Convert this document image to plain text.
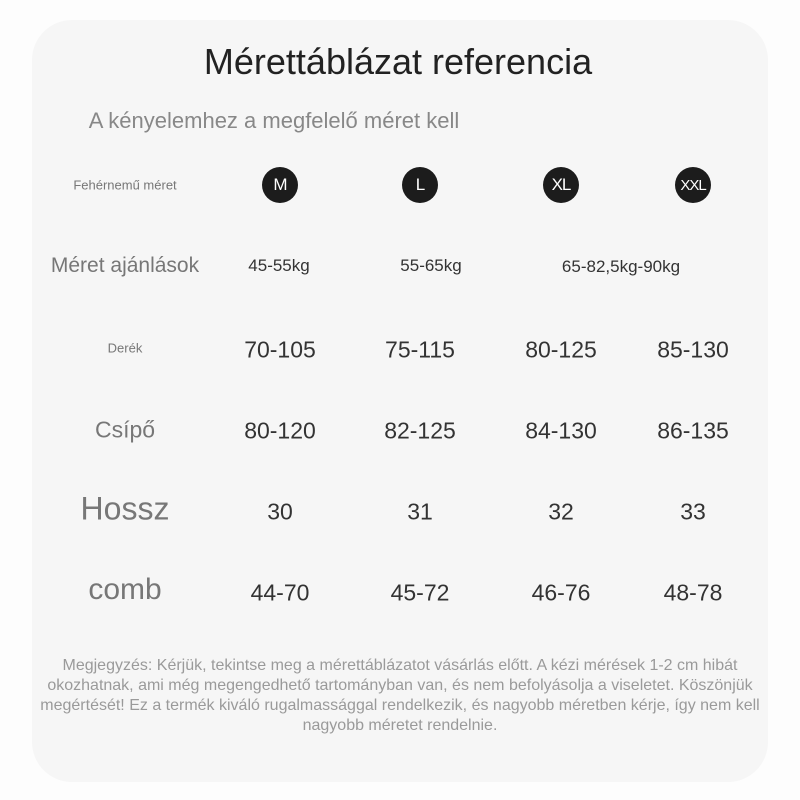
Mérettáblázat referencia
A kényelemhez a megfelelő méret kell
Fehérnemű méret	M	L	XL	XXL
Méret ajánlások	45-55kg	55-65kg	65-82,5kg-90kg
Derék	70-105	75-115	80-125	85-130
Csípő	80-120	82-125	84-130	86-135
Hossz	30	31	32	33
comb	44-70	45-72	46-76	48-78
Megjegyzés: Kérjük, tekintse meg a mérettáblázatot vásárlás előtt. A kézi mérések 1-2 cm hibát okozhatnak, ami még megengedhető tartományban van, és nem befolyásolja a viseletet. Köszönjük megértését! Ez a termék kiváló rugalmassággal rendelkezik, és nagyobb méretben kérje, így nem kell nagyobb méretet rendelnie.
